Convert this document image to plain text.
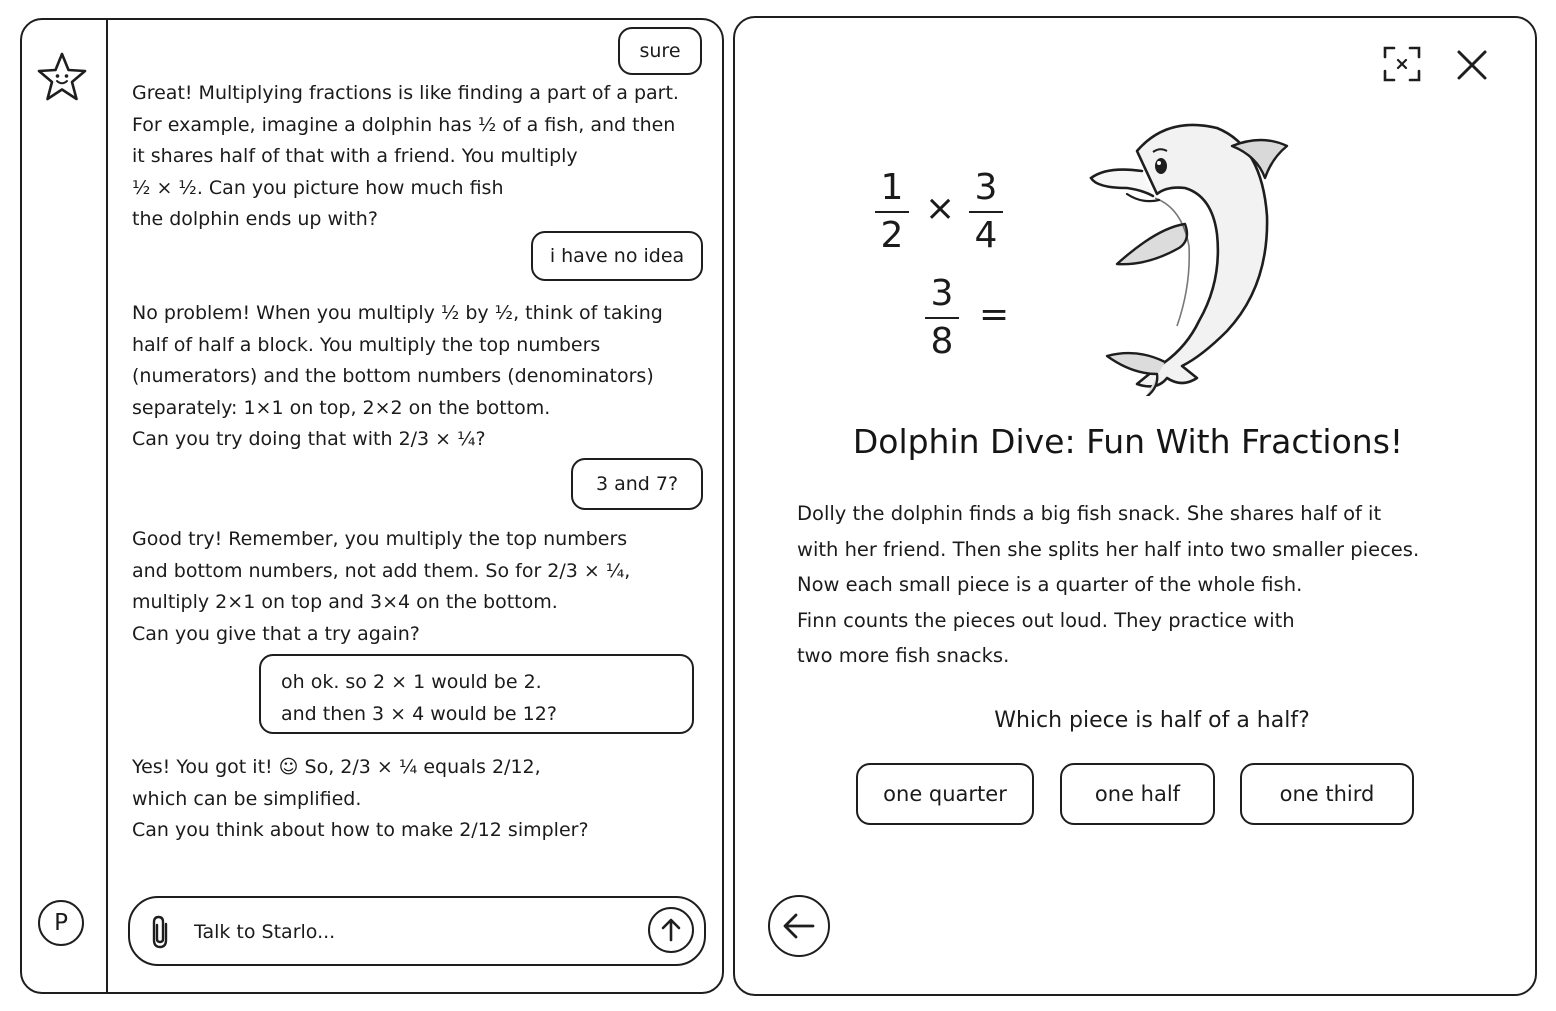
P
sure
Great! Multiplying fractions is like finding a part of a part.
For example, imagine a dolphin has ½ of a fish, and then
it shares half of that with a friend. You multiply
½ × ½. Can you picture how much fish
the dolphin ends up with?
i have no idea
No problem! When you multiply ½ by ½, think of taking
half of half a block. You multiply the top numbers
(numerators) and the bottom numbers (denominators)
separately: 1×1 on top, 2×2 on the bottom.
Can you try doing that with 2/3 × ¼?
3 and 7?
Good try! Remember, you multiply the top numbers
and bottom numbers, not add them. So for 2/3 × ¼,
multiply 2×1 on top and 3×4 on the bottom.
Can you give that a try again?
oh ok. so 2 × 1 would be 2.
and then 3 × 4 would be 12?
Yes! You got it! ☺ So, 2/3 × ¼ equals 2/12,
which can be simplified.
Can you think about how to make 2/12 simpler?
Talk to Starlo...
1
2
×
3
4
3
8
=
Dolphin Dive: Fun With Fractions!
Dolly the dolphin finds a big fish snack. She shares half of it
with her friend. Then she splits her half into two smaller pieces.
Now each small piece is a quarter of the whole fish.
Finn counts the pieces out loud. They practice with
two more fish snacks.
Which piece is half of a half?
one quarter	one half	one third
